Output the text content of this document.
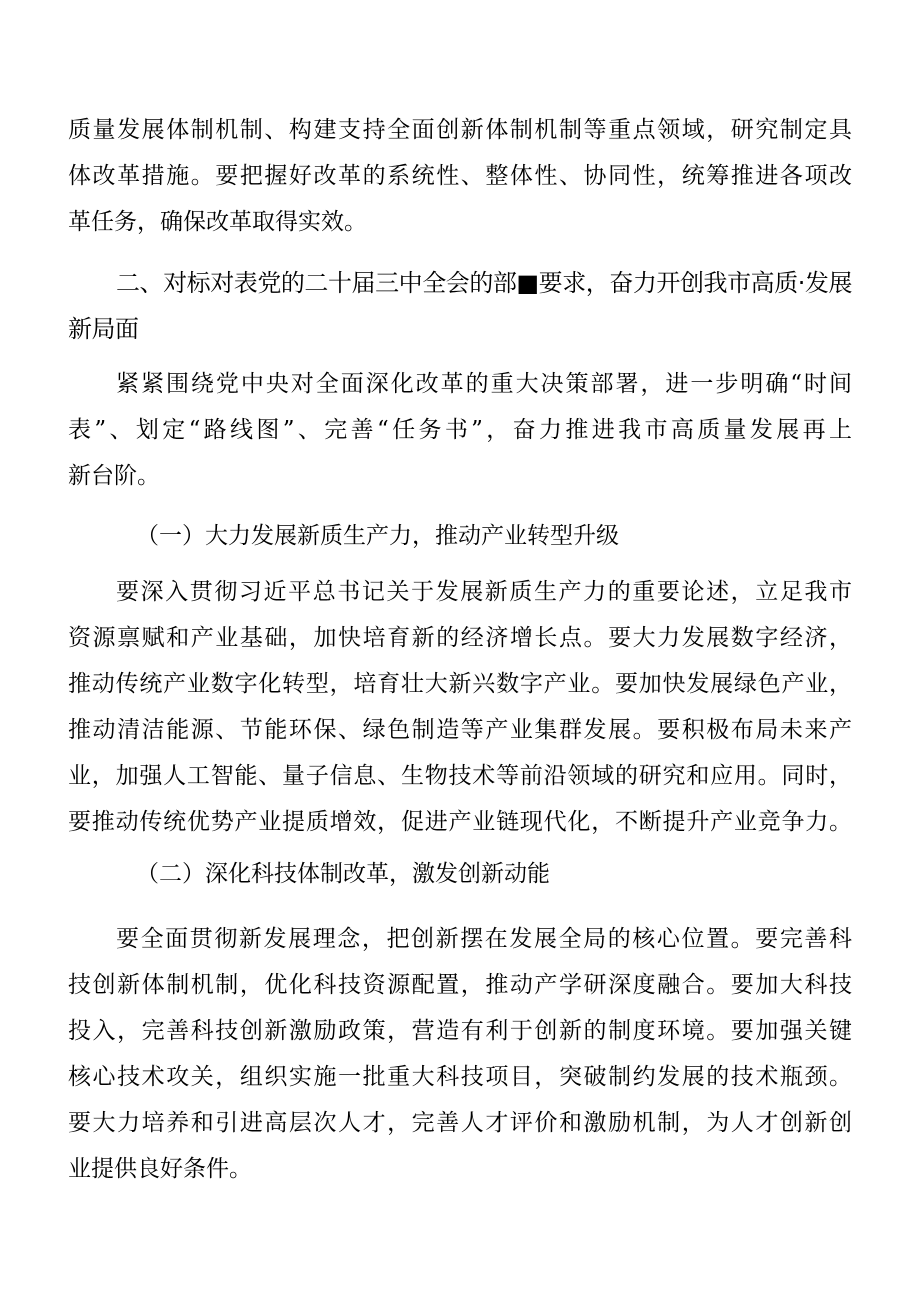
质量发展体制机制、构建支持全面创新体制机制等重点领域，研究制定具
体改革措施。要把握好改革的系统性、整体性、协同性，统筹推进各项改
革任务，确保改革取得实效。
二、对标对表党的二十届三中全会的部■要求，奋力开创我市高质·发展
新局面
紧紧围绕党中央对全面深化改革的重大决策部署，进一步明确“时间
表”、划定“路线图”、完善“任务书”，奋力推进我市高质量发展再上
新台阶。
（一）大力发展新质生产力，推动产业转型升级
要深入贯彻习近平总书记关于发展新质生产力的重要论述，立足我市
资源禀赋和产业基础，加快培育新的经济增长点。要大力发展数字经济，
推动传统产业数字化转型，培育壮大新兴数字产业。要加快发展绿色产业，
推动清洁能源、节能环保、绿色制造等产业集群发展。要积极布局未来产
业，加强人工智能、量子信息、生物技术等前沿领域的研究和应用。同时，
要推动传统优势产业提质增效，促进产业链现代化，不断提升产业竞争力。
（二）深化科技体制改革，激发创新动能
要全面贯彻新发展理念，把创新摆在发展全局的核心位置。要完善科
技创新体制机制，优化科技资源配置，推动产学研深度融合。要加大科技
投入，完善科技创新激励政策，营造有利于创新的制度环境。要加强关键
核心技术攻关，组织实施一批重大科技项目，突破制约发展的技术瓶颈。
要大力培养和引进高层次人才，完善人才评价和激励机制，为人才创新创
业提供良好条件。
